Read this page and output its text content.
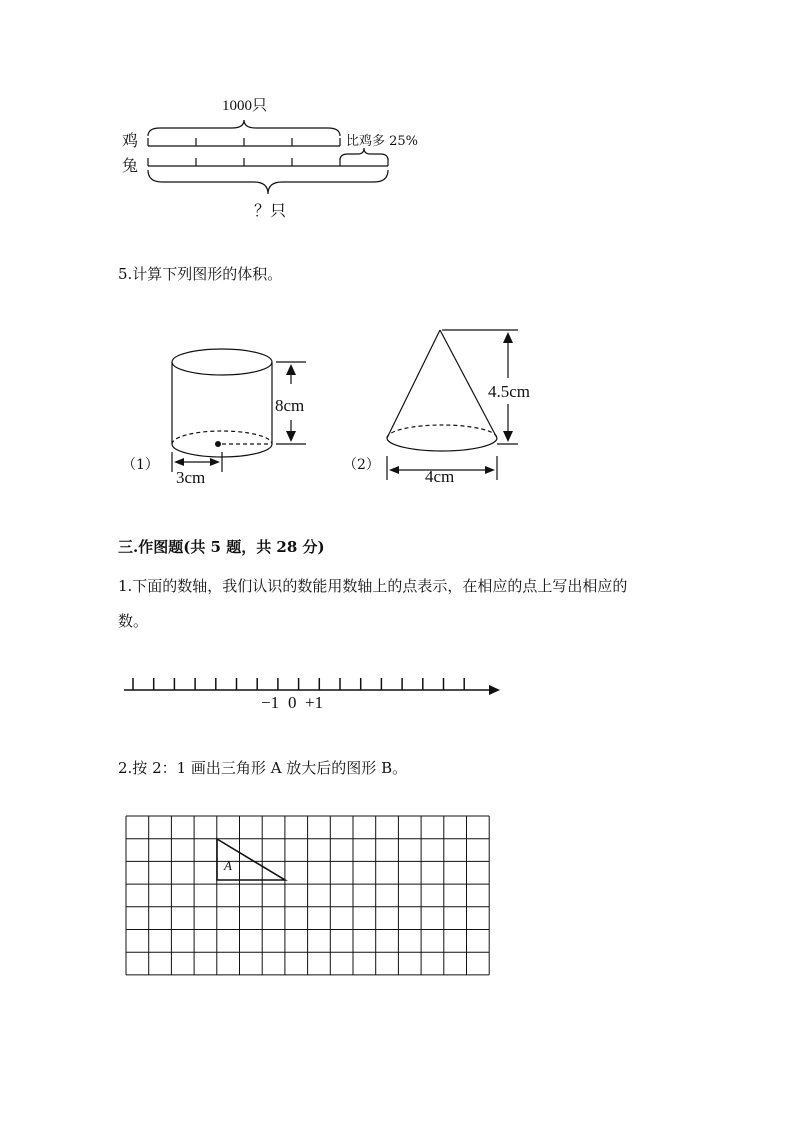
1000只
鸡
兔
比鸡多 25%
？只
5.计算下列图形的体积。
8cm
3cm
（1）
4.5cm
4cm
（2）
三.作图题(共 5 题，共 28 分)
1.下面的数轴，我们认识的数能用数轴上的点表示，在相应的点上写出相应的
数。
−1 0 +1
2.按 2：1 画出三角形 A 放大后的图形 B。
A
